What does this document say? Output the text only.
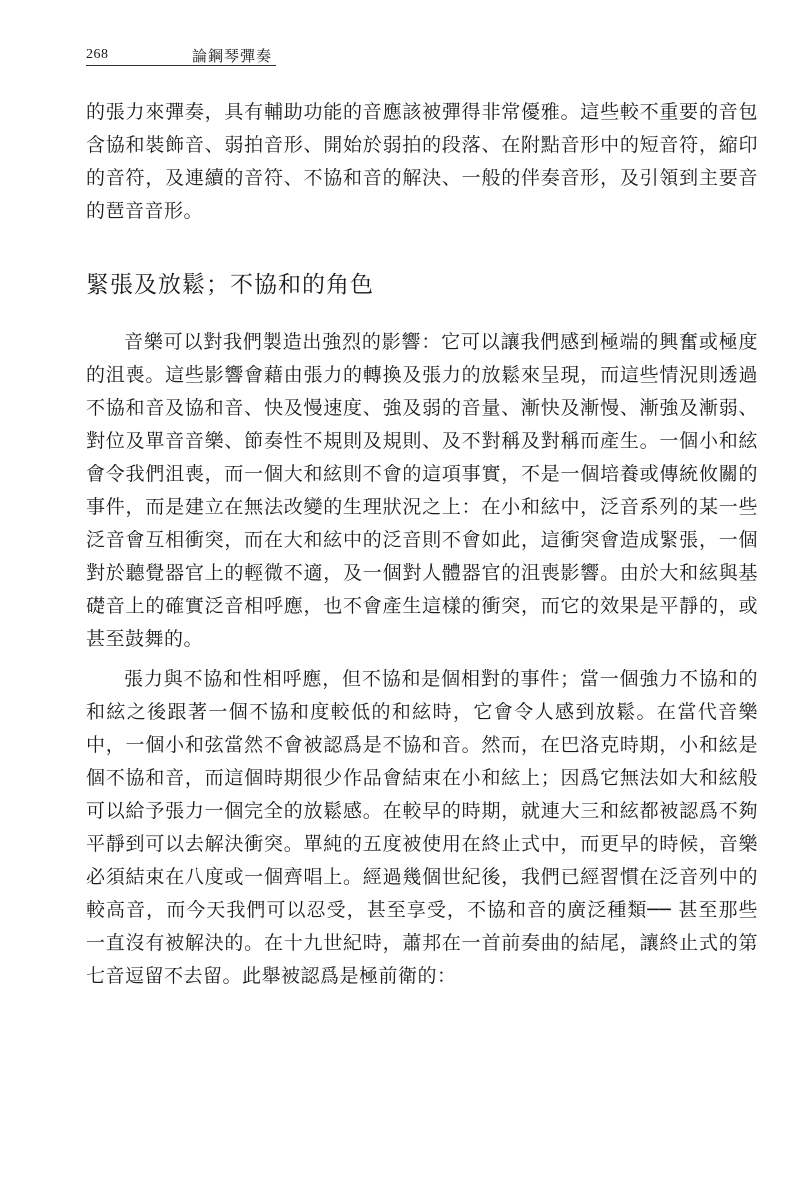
268	論鋼琴彈奏

的張力來彈奏，具有輔助功能的音應該被彈得非常優雅。這些較不重要的音包含協和裝飾音、弱拍音形、開始於弱拍的段落、在附點音形中的短音符，縮印的音符，及連續的音符、不協和音的解決、一般的伴奏音形，及引領到主要音的琶音音形。

緊張及放鬆；不協和的角色

音樂可以對我們製造出強烈的影響：它可以讓我們感到極端的興奮或極度的沮喪。這些影響會藉由張力的轉換及張力的放鬆來呈現，而這些情況則透過不協和音及協和音、快及慢速度、強及弱的音量、漸快及漸慢、漸強及漸弱、對位及單音音樂、節奏性不規則及規則、及不對稱及對稱而產生。一個小和絃會令我們沮喪，而一個大和絃則不會的這項事實，不是一個培養或傳統攸關的事件，而是建立在無法改變的生理狀況之上：在小和絃中，泛音系列的某一些泛音會互相衝突，而在大和絃中的泛音則不會如此，這衝突會造成緊張，一個對於聽覺器官上的輕微不適，及一個對人體器官的沮喪影響。由於大和絃與基礎音上的確實泛音相呼應，也不會產生這樣的衝突，而它的效果是平靜的，或甚至鼓舞的。

張力與不協和性相呼應，但不協和是個相對的事件；當一個強力不協和的和絃之後跟著一個不協和度較低的和絃時，它會令人感到放鬆。在當代音樂中，一個小和弦當然不會被認爲是不協和音。然而，在巴洛克時期，小和絃是個不協和音，而這個時期很少作品會結束在小和絃上；因爲它無法如大和絃般可以給予張力一個完全的放鬆感。在較早的時期，就連大三和絃都被認爲不夠平靜到可以去解決衝突。單純的五度被使用在終止式中，而更早的時候，音樂必須結束在八度或一個齊唱上。經過幾個世紀後，我們已經習慣在泛音列中的較高音，而今天我們可以忍受，甚至享受，不協和音的廣泛種類── 甚至那些一直沒有被解決的。在十九世紀時，蕭邦在一首前奏曲的結尾，讓終止式的第七音逗留不去留。此舉被認爲是極前衛的：
